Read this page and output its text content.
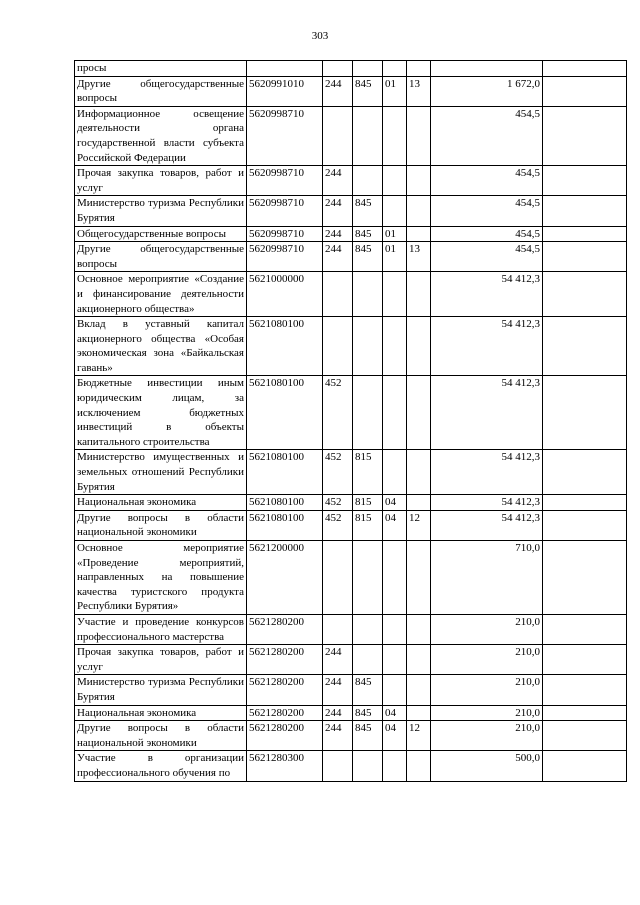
303
просы							
Другие общегосударственные вопросы	5620991010	244	845	01	13	1 672,0	
Информационное освещение деятельности органа государственной власти субъекта Российской Федерации	5620998710					454,5	
Прочая закупка товаров, работ и услуг	5620998710	244				454,5	
Министерство туризма Республики Бурятия	5620998710	244	845			454,5	
Общегосударственные вопросы	5620998710	244	845	01		454,5	
Другие общегосударственные вопросы	5620998710	244	845	01	13	454,5	
Основное мероприятие «Создание и финансирование деятельности акционерного общества»	5621000000					54 412,3	
Вклад в уставный капитал акционерного общества «Особая экономическая зона «Байкальская гавань»	5621080100					54 412,3	
Бюджетные инвестиции иным юридическим лицам, за исключением бюджетных инвестиций в объекты капитального строительства	5621080100	452				54 412,3	
Министерство имущественных и земельных отношений Республики Бурятия	5621080100	452	815			54 412,3	
Национальная экономика	5621080100	452	815	04		54 412,3	
Другие вопросы в области национальной экономики	5621080100	452	815	04	12	54 412,3	
Основное мероприятие «Проведение мероприятий, направленных на повышение качества туристского продукта Республики Бурятия»	5621200000					710,0	
Участие и проведение конкурсов профессионального мастерства	5621280200					210,0	
Прочая закупка товаров, работ и услуг	5621280200	244				210,0	
Министерство туризма Республики Бурятия	5621280200	244	845			210,0	
Национальная экономика	5621280200	244	845	04		210,0	
Другие вопросы в области национальной экономики	5621280200	244	845	04	12	210,0	
Участие в организации профессионального обучения по	5621280300					500,0	
